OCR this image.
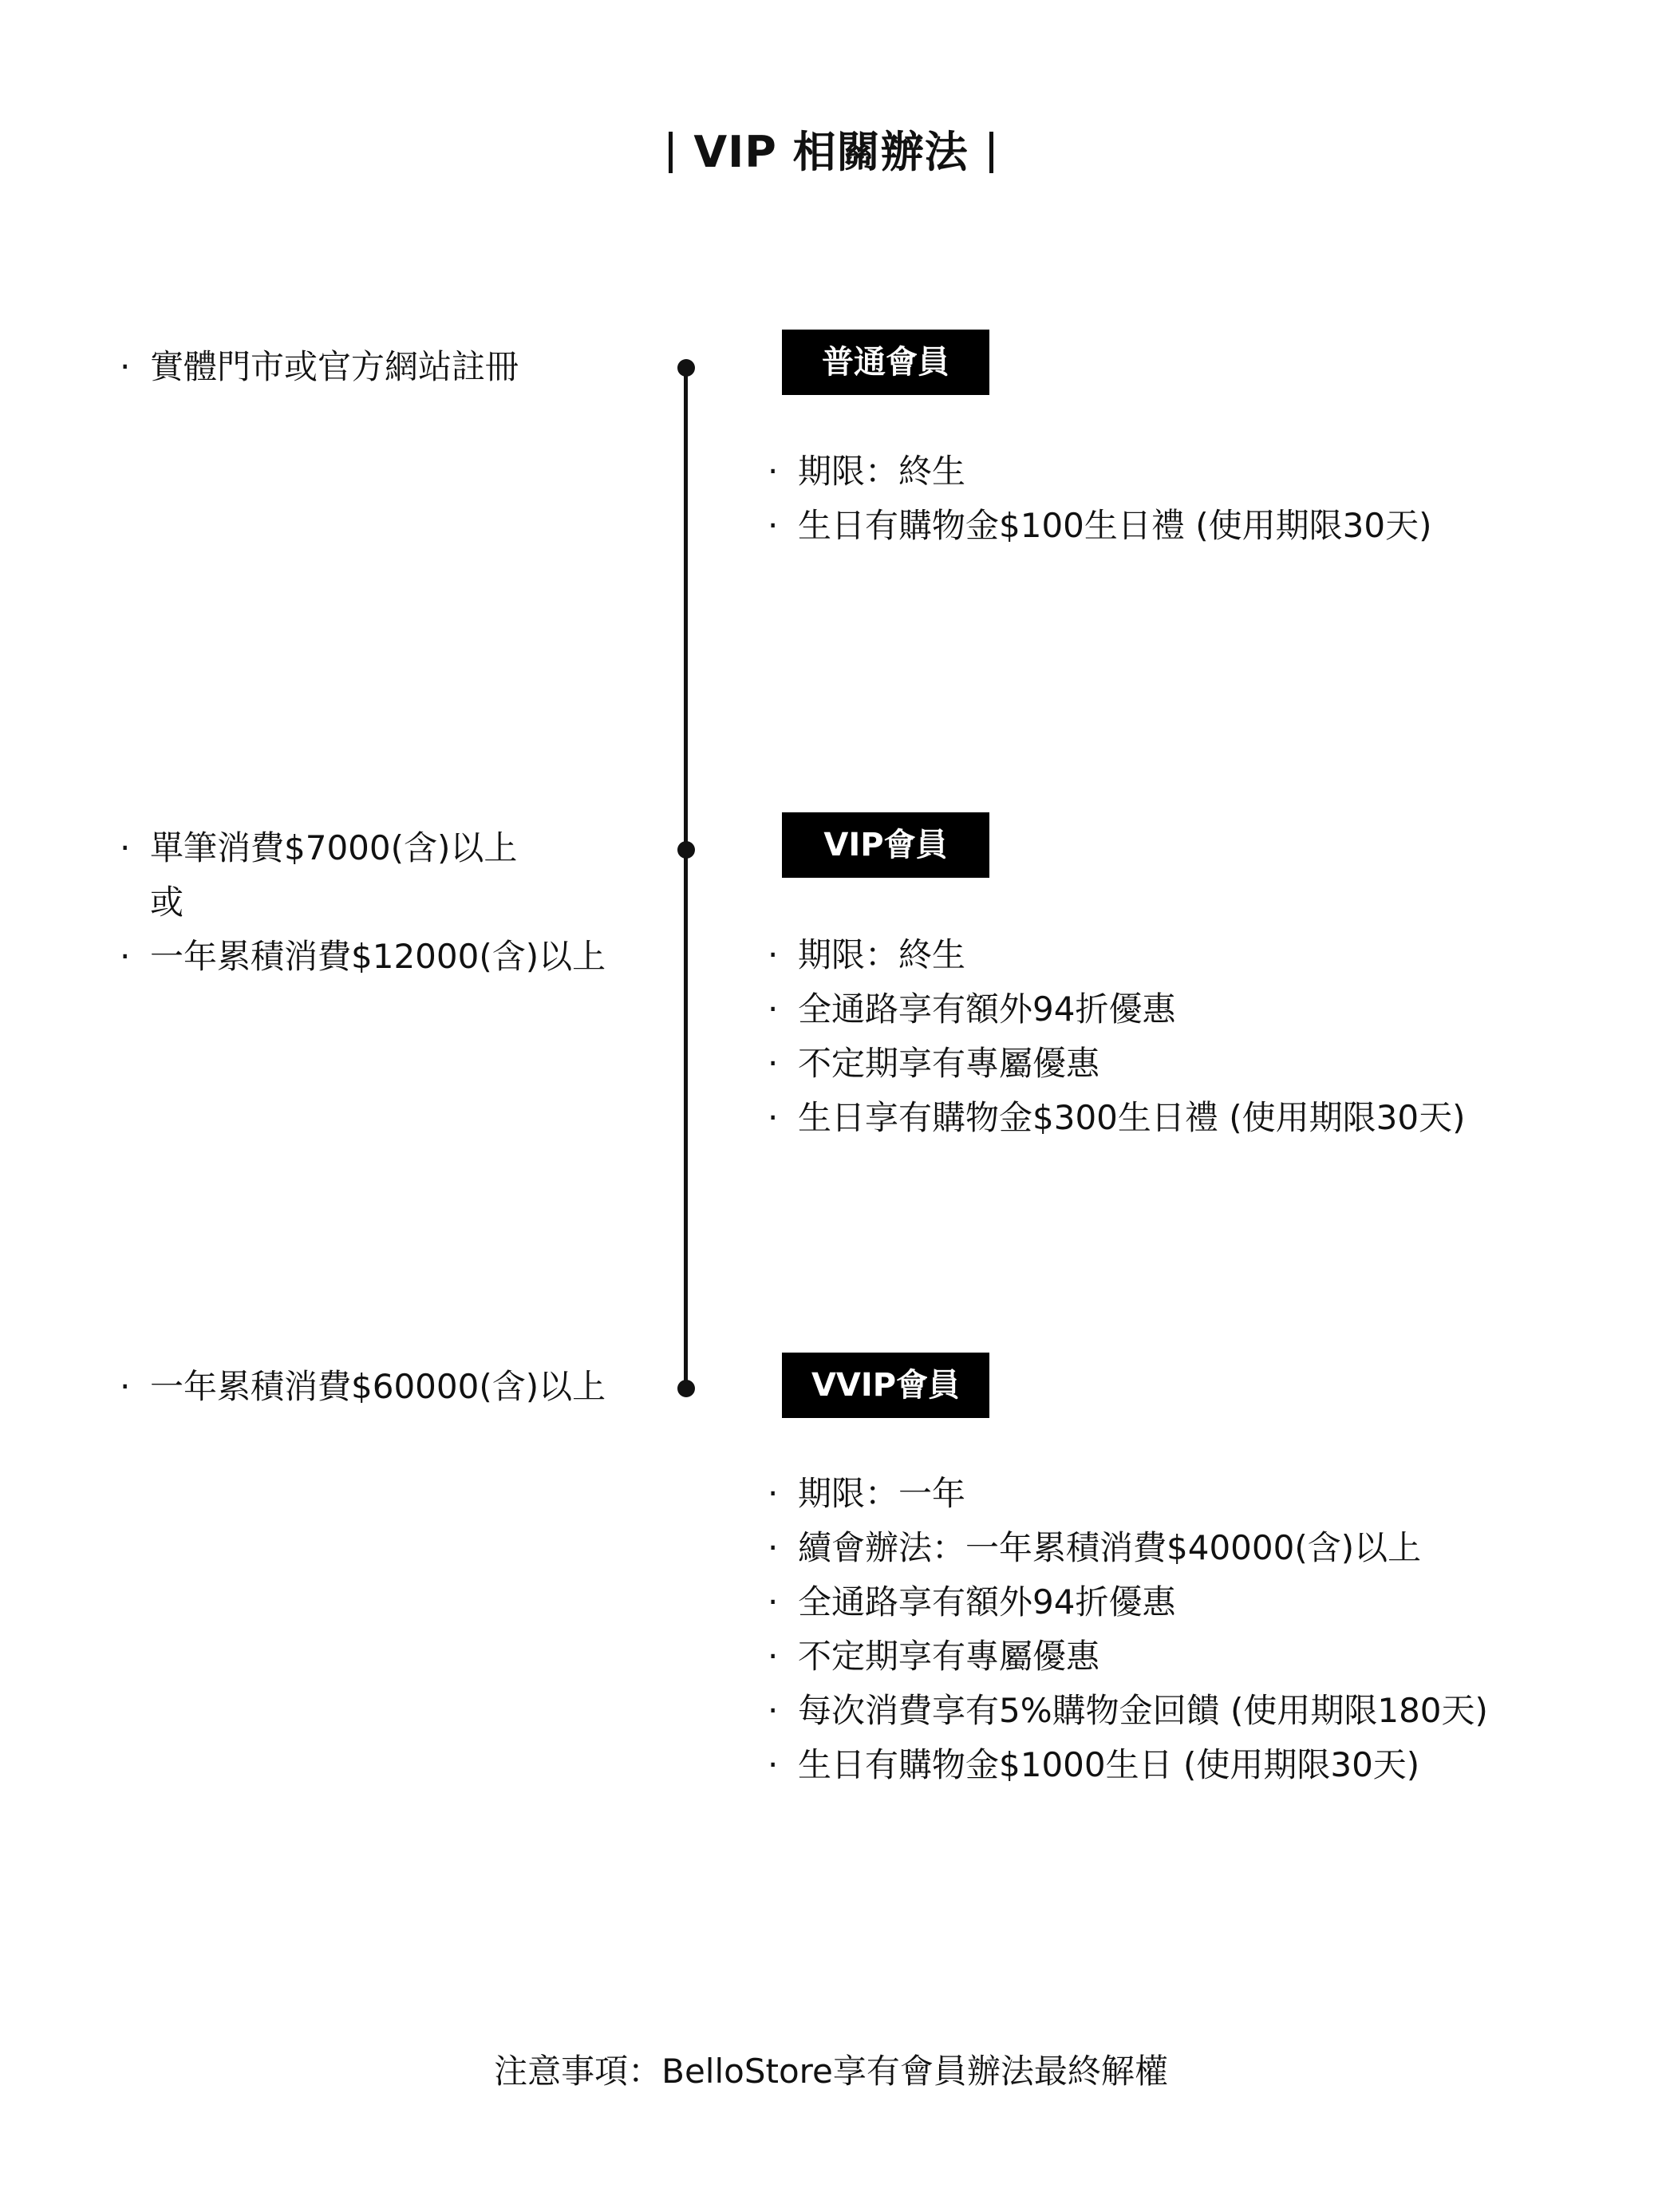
VIP 相關辦法
· 實體門市或官方網站註冊	普通會員
· 期限：終生
· 生日有購物金$100生日禮 (使用期限30天)
· 單筆消費$7000(含)以上
或
· 一年累積消費$12000(含)以上
VIP會員
· 期限：終生
· 全通路享有額外94折優惠
· 不定期享有專屬優惠
· 生日享有購物金$300生日禮 (使用期限30天)
· 一年累積消費$60000(含)以上	VVIP會員
· 期限：一年
· 續會辦法：一年累積消費$40000(含)以上
· 全通路享有額外94折優惠
· 不定期享有專屬優惠
· 每次消費享有5%購物金回饋 (使用期限180天)
· 生日有購物金$1000生日 (使用期限30天)
注意事項：BelloStore享有會員辦法最終解權
